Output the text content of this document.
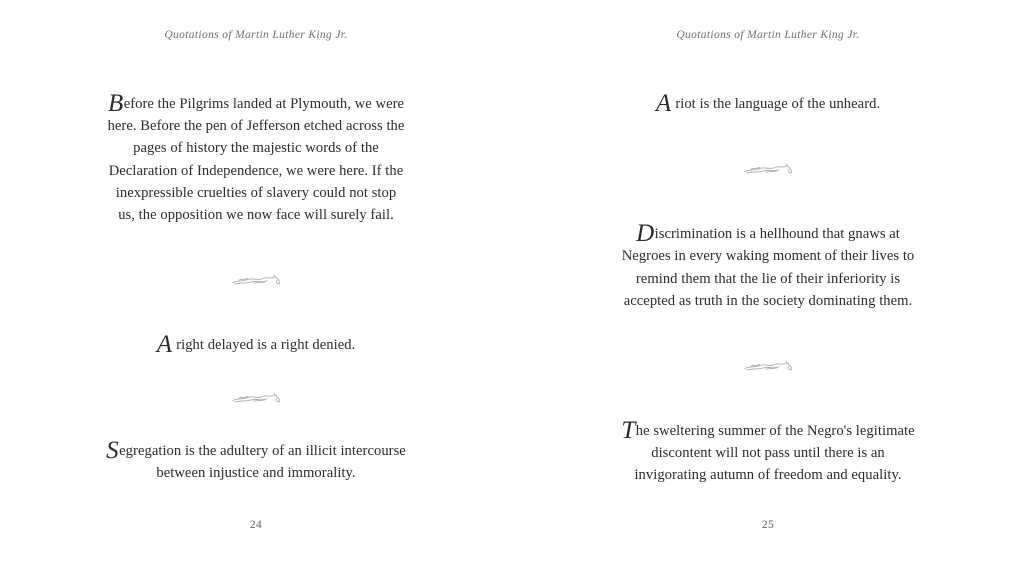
Quotations of Martin Luther King Jr.
Before the Pilgrims landed at Plymouth, we were here. Before the pen of Jefferson etched across the pages of history the majestic words of the Declaration of Independence, we were here. If the inexpressible cruelties of slavery could not stop us, the opposition we now face will surely fail.
A right delayed is a right denied.
Segregation is the adultery of an illicit intercourse between injustice and immorality.
24
Quotations of Martin Luther King Jr.
A riot is the language of the unheard.
Discrimination is a hellhound that gnaws at Negroes in every waking moment of their lives to remind them that the lie of their inferiority is accepted as truth in the society dominating them.
The sweltering summer of the Negro's legitimate discontent will not pass until there is an invigorating autumn of freedom and equality.
25
